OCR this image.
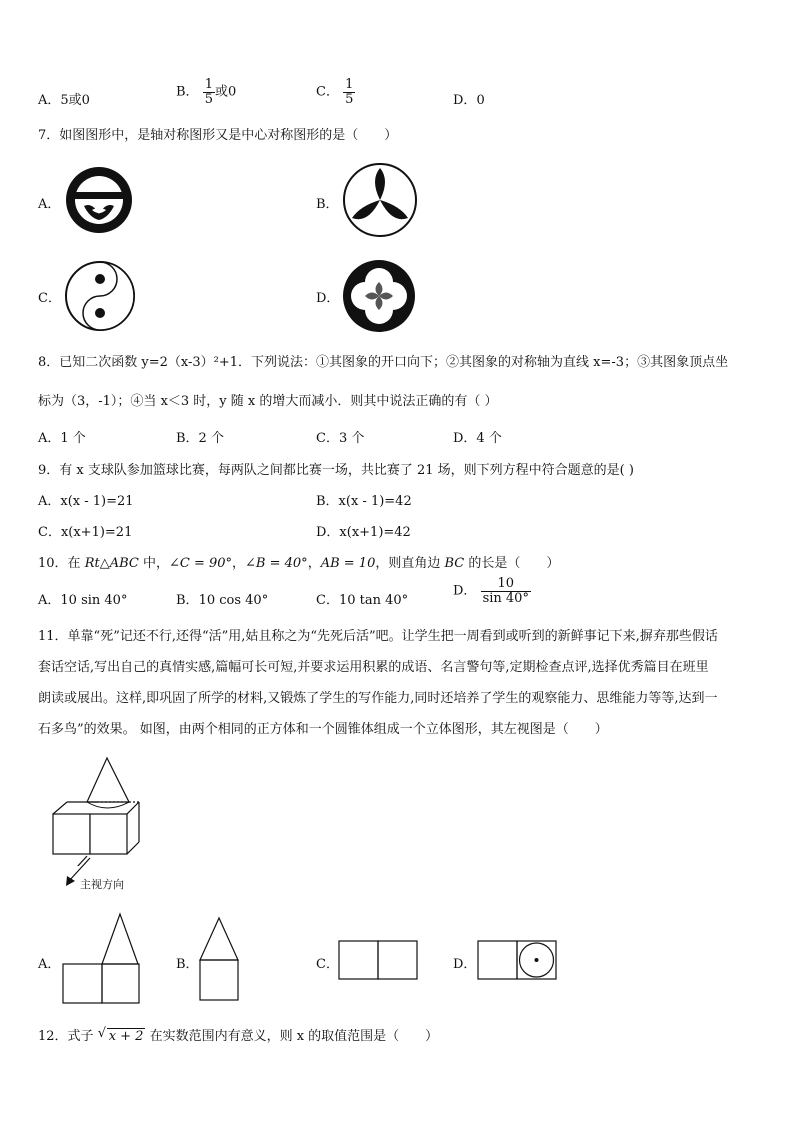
A．5或0
B． $\frac{1}{5}$ 或0	C． $\frac{1}{5}$	D．0
7．如图图形中，是轴对称图形又是中心对称图形的是（　　）
A．	B．
C．	D．
8．已知二次函数 y=2（x-3）²+1．下列说法：①其图象的开口向下；②其图象的对称轴为直线 x=-3；③其图象顶点坐
标为（3，-1）；④当 x＜3 时，y 随 x 的增大而减小．则其中说法正确的有（ ）
A．1 个	B．2 个	C．3 个	D．4 个
9．有 x 支球队参加篮球比赛，每两队之间都比赛一场，共比赛了 21 场，则下列方程中符合题意的是( )
A．x(x - 1)=21	B．x(x - 1)=42
C．x(x+1)=21	D．x(x+1)=42
10．在 Rt△ABC 中，∠C = 90°，∠B = 40°，AB = 10，则直角边 BC 的长是（　　）
A．10 sin 40°	B．10 cos 40°	C．10 tan 40°
D． $\frac{10}{\sin 40^\circ}$
11．单靠“死”记还不行,还得“活”用,姑且称之为“先死后活”吧。让学生把一周看到或听到的新鲜事记下来,摒弃那些假话
套话空话,写出自己的真情实感,篇幅可长可短,并要求运用积累的成语、名言警句等,定期检查点评,选择优秀篇目在班里
朗读或展出。这样,即巩固了所学的材料,又锻炼了学生的写作能力,同时还培养了学生的观察能力、思维能力等等,达到一
石多鸟”的效果。 如图，由两个相同的正方体和一个圆锥体组成一个立体图形，其左视图是（　　）
主视方向
A．	B．	C．	D．
12．式子 √ x + 2 在实数范围内有意义，则 x 的取值范围是（　　）
